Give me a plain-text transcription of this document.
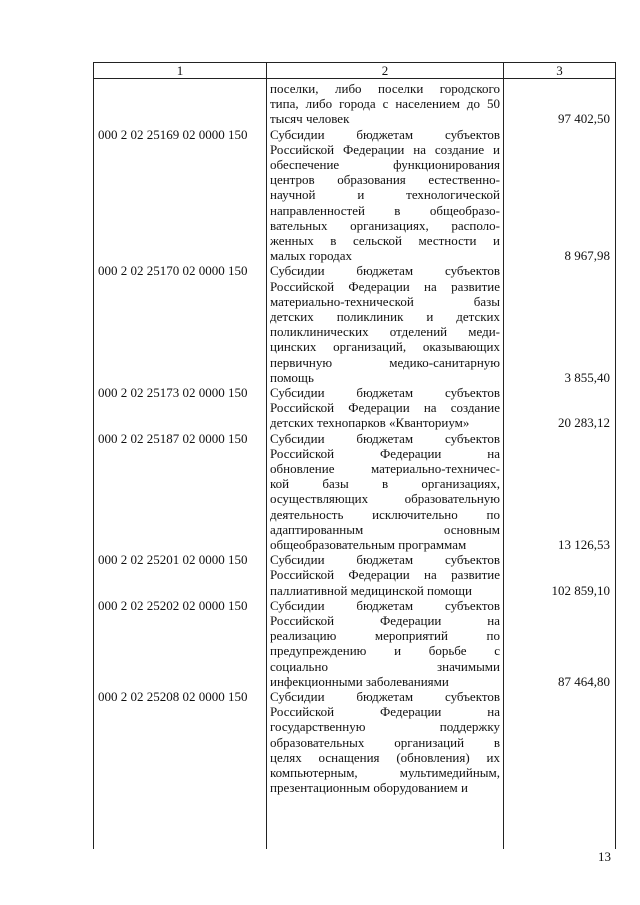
1	2	3
000 2 02 25169 02 0000 150
000 2 02 25170 02 0000 150
000 2 02 25173 02 0000 150
000 2 02 25187 02 0000 150
000 2 02 25201 02 0000 150
000 2 02 25202 02 0000 150
000 2 02 25208 02 0000 150
поселки, либо поселки городского
типа, либо города с населением до 50
тысяч человек
Субсидии бюджетам субъектов
Российской Федерации на создание и
обеспечение функционирования
центров образования естественно-
научной и технологической
направленностей в общеобразо-
вательных организациях, располо-
женных в сельской местности и
малых городах
Субсидии бюджетам субъектов
Российской Федерации на развитие
материально-технической базы
детских поликлиник и детских
поликлинических отделений меди-
цинских организаций, оказывающих
первичную медико-санитарную
помощь
Субсидии бюджетам субъектов
Российской Федерации на создание
детских технопарков «Кванториум»
Субсидии бюджетам субъектов
Российской Федерации на
обновление материально-техничес-
кой базы в организациях,
осуществляющих образовательную
деятельность исключительно по
адаптированным основным
общеобразовательным программам
Субсидии бюджетам субъектов
Российской Федерации на развитие
паллиативной медицинской помощи
Субсидии бюджетам субъектов
Российской Федерации на
реализацию мероприятий по
предупреждению и борьбе с
социально значимыми
инфекционными заболеваниями
Субсидии бюджетам субъектов
Российской Федерации на
государственную поддержку
образовательных организаций в
целях оснащения (обновления) их
компьютерным, мультимедийным,
презентационным оборудованием и
97 402,50
8 967,98
3 855,40
20 283,12
13 126,53
102 859,10
87 464,80
13
